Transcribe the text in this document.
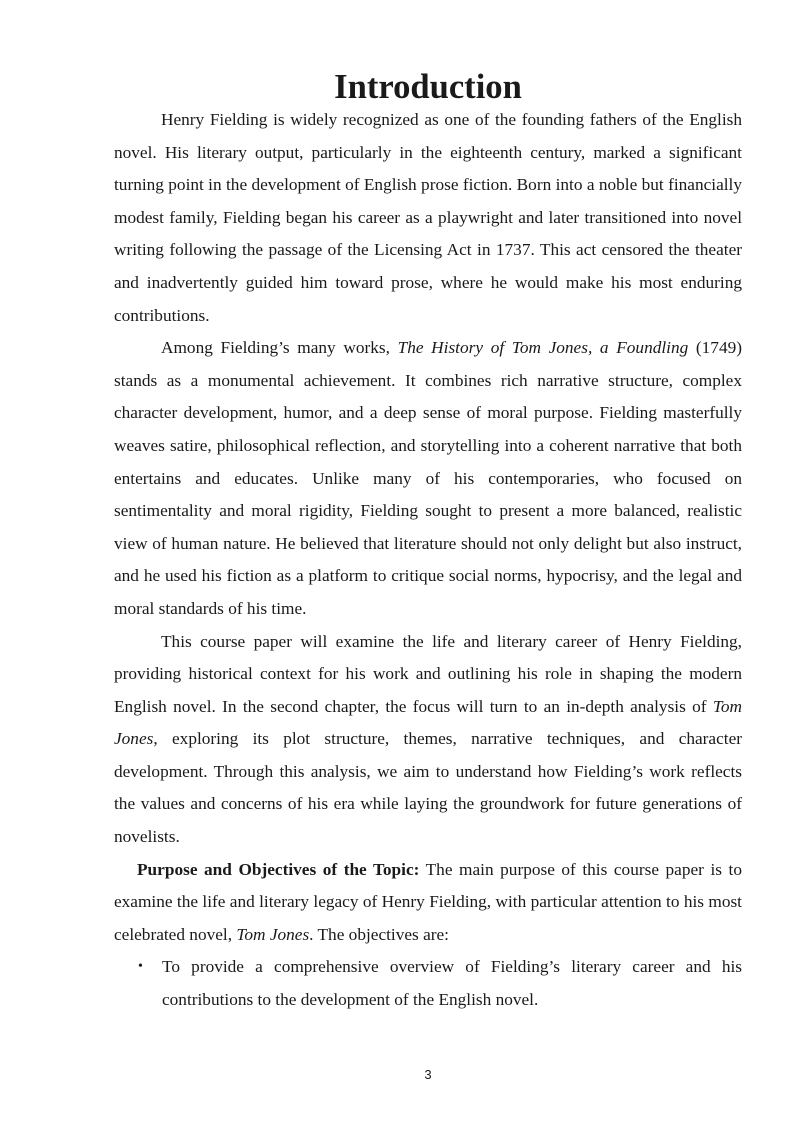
Introduction

Henry Fielding is widely recognized as one of the founding fathers of the English novel. His literary output, particularly in the eighteenth century, marked a significant turning point in the development of English prose fiction. Born into a noble but financially modest family, Fielding began his career as a playwright and later transitioned into novel writing following the passage of the Licensing Act in 1737. This act censored the theater and inadvertently guided him toward prose, where he would make his most enduring contributions.

Among Fielding’s many works, The History of Tom Jones, a Foundling (1749) stands as a monumental achievement. It combines rich narrative structure, complex character development, humor, and a deep sense of moral purpose. Fielding masterfully weaves satire, philosophical reflection, and storytelling into a coherent narrative that both entertains and educates. Unlike many of his contemporaries, who focused on sentimentality and moral rigidity, Fielding sought to present a more balanced, realistic view of human nature. He believed that literature should not only delight but also instruct, and he used his fiction as a platform to critique social norms, hypocrisy, and the legal and moral standards of his time.

This course paper will examine the life and literary career of Henry Fielding, providing historical context for his work and outlining his role in shaping the modern English novel. In the second chapter, the focus will turn to an in-depth analysis of Tom Jones, exploring its plot structure, themes, narrative techniques, and character development. Through this analysis, we aim to understand how Fielding’s work reflects the values and concerns of his era while laying the groundwork for future generations of novelists.

Purpose and Objectives of the Topic: The main purpose of this course paper is to examine the life and literary legacy of Henry Fielding, with particular attention to his most celebrated novel, Tom Jones. The objectives are:

• To provide a comprehensive overview of Fielding’s literary career and his contributions to the development of the English novel.
3
